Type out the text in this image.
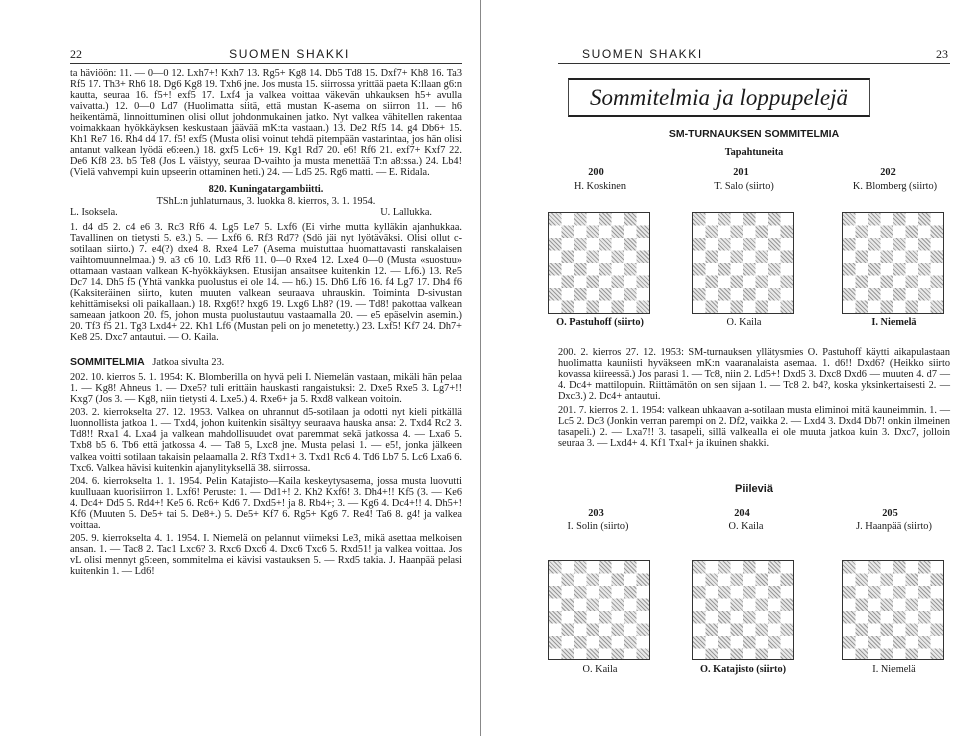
22	SUOMEN SHAKKI

ta häviöön: 11. — 0—0 12. Lxh7+! Kxh7 13. Rg5+ Kg8 14. Db5 Td8 15. Dxf7+ Kh8 16. Ta3 Rf5 17. Th3+ Rh6 18. Dg6 Kg8 19. Txh6 jne. Jos musta 15. siirrossa yrittää paeta K:llaan g6:n kautta, seuraa 16. f5+! exf5 17. Lxf4 ja valkea voittaa väkevän uhkauksen h5+ avulla vaivatta.) 12. 0—0 Ld7 (Huolimatta siitä, että mustan K-asema on siirron 11. — h6 heikentämä, linnoittuminen olisi ollut johdonmukainen jatko. Nyt valkea vähitellen rakentaa voimakkaan hyökkäyksen keskustaan jäävää mK:ta vastaan.) 13. De2 Rf5 14. g4 Db6+ 15. Kh1 Re7 16. Rh4 d4 17. f5! exf5 (Musta olisi voinut tehdä pitempään vastarintaa, jos hän olisi antanut valkean lyödä e6:een.) 18. gxf5 Lc6+ 19. Kg1 Rd7 20. e6! Rf6 21. exf7+ Kxf7 22. De6 Kf8 23. b5 Te8 (Jos L väistyy, seuraa D-vaihto ja musta menettää T:n a8:ssa.) 24. Lb4! (Vielä vahvempi kuin upseerin ottaminen heti.) 24. — Ld5 25. Rg6 matti. — E. Ridala.

820. Kuningatargambiitti.
TShL:n juhlaturnaus, 3. luokka 8. kierros, 3. 1. 1954.
L. Isoksela.	U. Lallukka.

1. d4 d5 2. c4 e6 3. Rc3 Rf6 4. Lg5 Le7 5. Lxf6 (Ei virhe mutta kylläkin ajanhukkaa. Tavallinen on tietysti 5. e3.) 5. — Lxf6 6. Rf3 Rd7? (Sdö jäi nyt lyötäväksi. Olisi ollut c-sotilaan siirto.) 7. e4(?) dxe4 8. Rxe4 Le7 (Asema muistuttaa huomattavasti ranskalaisen vaihtomuunnelmaa.) 9. a3 c6 10. Ld3 Rf6 11. 0—0 Rxe4 12. Lxe4 0—0 (Musta «suostuu» ottamaan vastaan valkean K-hyökkäyksen. Etusijan ansaitsee kuitenkin 12. — Lf6.) 13. Re5 Dc7 14. Dh5 f5 (Yhtä vankka puolustus ei ole 14. — h6.) 15. Dh6 Lf6 16. f4 Lg7 17. Dh4 f6 (Kaksiteräinen siirto, kuten muuten valkean seuraava uhrauskin. Toiminta D-sivustan kehittämiseksi oli paikallaan.) 18. Rxg6!? hxg6 19. Lxg6 Lh8? (19. — Td8! pakottaa valkean sameaan jatkoon 20. f5, johon musta puolustautuu vastaamalla 20. — e5 epäselvin asemin.) 20. Tf3 f5 21. Tg3 Lxd4+ 22. Kh1 Lf6 (Mustan peli on jo menetetty.) 23. Lxf5! Kf7 24. Dh7+ Ke8 25. Dxc7 antautui. — O. Kaila.

SOMMITELMIA Jatkoa sivulta 23.

202. 10. kierros 5. 1. 1954: K. Blomberilla on hyvä peli I. Niemelän vastaan, mikäli hän pelaa 1. — Kg8! Ahneus 1. — Dxe5? tuli erittäin hauskasti rangaistuksi: 2. Dxe5 Rxe5 3. Lg7+!! Kxg7 (Jos 3. — Kg8, niin tietysti 4. Lxe5.) 4. Rxe6+ ja 5. Rxd8 valkean voitoin.

203. 2. kierrokselta 27. 12. 1953. Valkea on uhrannut d5-sotilaan ja odotti nyt kieli pitkällä luonnollista jatkoa 1. — Txd4, johon kuitenkin sisältyy seuraava hauska ansa: 2. Txd4 Rc2 3. Td8!! Rxa1 4. Lxa4 ja valkean mahdollisuudet ovat paremmat sekä jatkossa 4. — Lxa6 5. Txb8 b5 6. Tb6 että jatkossa 4. — Ta8 5, Lxc8 jne. Musta pelasi 1. — e5!, jonka jälkeen valkea voitti sotilaan takaisin pelaamalla 2. Rf3 Txd1+ 3. Txd1 Rc6 4. Td6 Lb7 5. Lc6 Lxa6 6. Txc6. Valkea hävisi kuitenkin ajanylityksellä 38. siirrossa.

204. 6. kierrokselta 1. 1. 1954. Pelin Katajisto—Kaila keskeytysasema, jossa musta luovutti kuulluaan kuorisiirron 1. Lxf6! Peruste: 1. — Dd1+! 2. Kh2 Kxf6! 3. Dh4+!! Kf5 (3. — Ke6 4. Dc4+ Dd5 5. Rd4+! Ke5 6. Rc6+ Kd6 7. Dxd5+! ja 8. Rb4+; 3. — Kg6 4. Dc4+!! 4. Dh5+! Kf6 (Muuten 5. De5+ tai 5. De8+.) 5. De5+ Kf7 6. Rg5+ Kg6 7. Re4! Ta6 8. g4! ja valkea voittaa.

205. 9. kierrokselta 4. 1. 1954. I. Niemelä on pelannut viimeksi Le3, mikä asettaa melkoisen ansan. 1. — Tac8 2. Tac1 Lxc6? 3. Rxc6 Dxc6 4. Dxc6 Txc6 5. Rxd51! ja valkea voittaa. Jos vL olisi mennyt g5:een, sommitelma ei kävisi vastauksen 5. — Rxd5 takia. J. Haanpää pelasi kuitenkin 1. — Ld6!

SUOMEN SHAKKI	23
Sommitelmia ja loppupelejä
SM-TURNAUKSEN SOMMITELMIA
Tapahtuneita
200	201	202
H. Koskinen	T. Salo (siirto)	K. Blomberg (siirto)
O. Pastuhoff (siirto)	O. Kaila	I. Niemelä

200. 2. kierros 27. 12. 1953: SM-turnauksen yllätysmies O. Pastuhoff käytti aikapulastaan huolimatta kauniisti hyväkseen mK:n vaaranalaista asemaa. 1. d6!! Dxd6? (Heikko siirto kovassa kiireessä.) Jos parasi 1. — Tc8, niin 2. Ld5+! Dxd5 3. Dxc8 Dxd6 — muuten 4. d7 — 4. Dc4+ mattilopuin. Riittämätön on sen sijaan 1. — Tc8 2. b4?, koska yksinkertaisesti 2. — Dxc3.) 2. Dc4+ antautui.

201. 7. kierros 2. 1. 1954: valkean uhkaavan a-sotilaan musta eliminoi mitä kauneimmin. 1. — Lc5 2. Dc3 (Jonkin verran parempi on 2. Df2, vaikka 2. — Lxd4 3. Dxd4 Db7! onkin ilmeinen tasapeli.) 2. — Lxa7!! 3. tasapeli, sillä valkealla ei ole muuta jatkoa kuin 3. Dxc7, jolloin seuraa 3. — Lxd4+ 4. Kf1 Txal+ ja ikuinen shakki.

Piileviä
203	204	205
I. Solin (siirto)	O. Kaila	J. Haanpää (siirto)
O. Kaila	O. Katajisto (siirto)	I. Niemelä
